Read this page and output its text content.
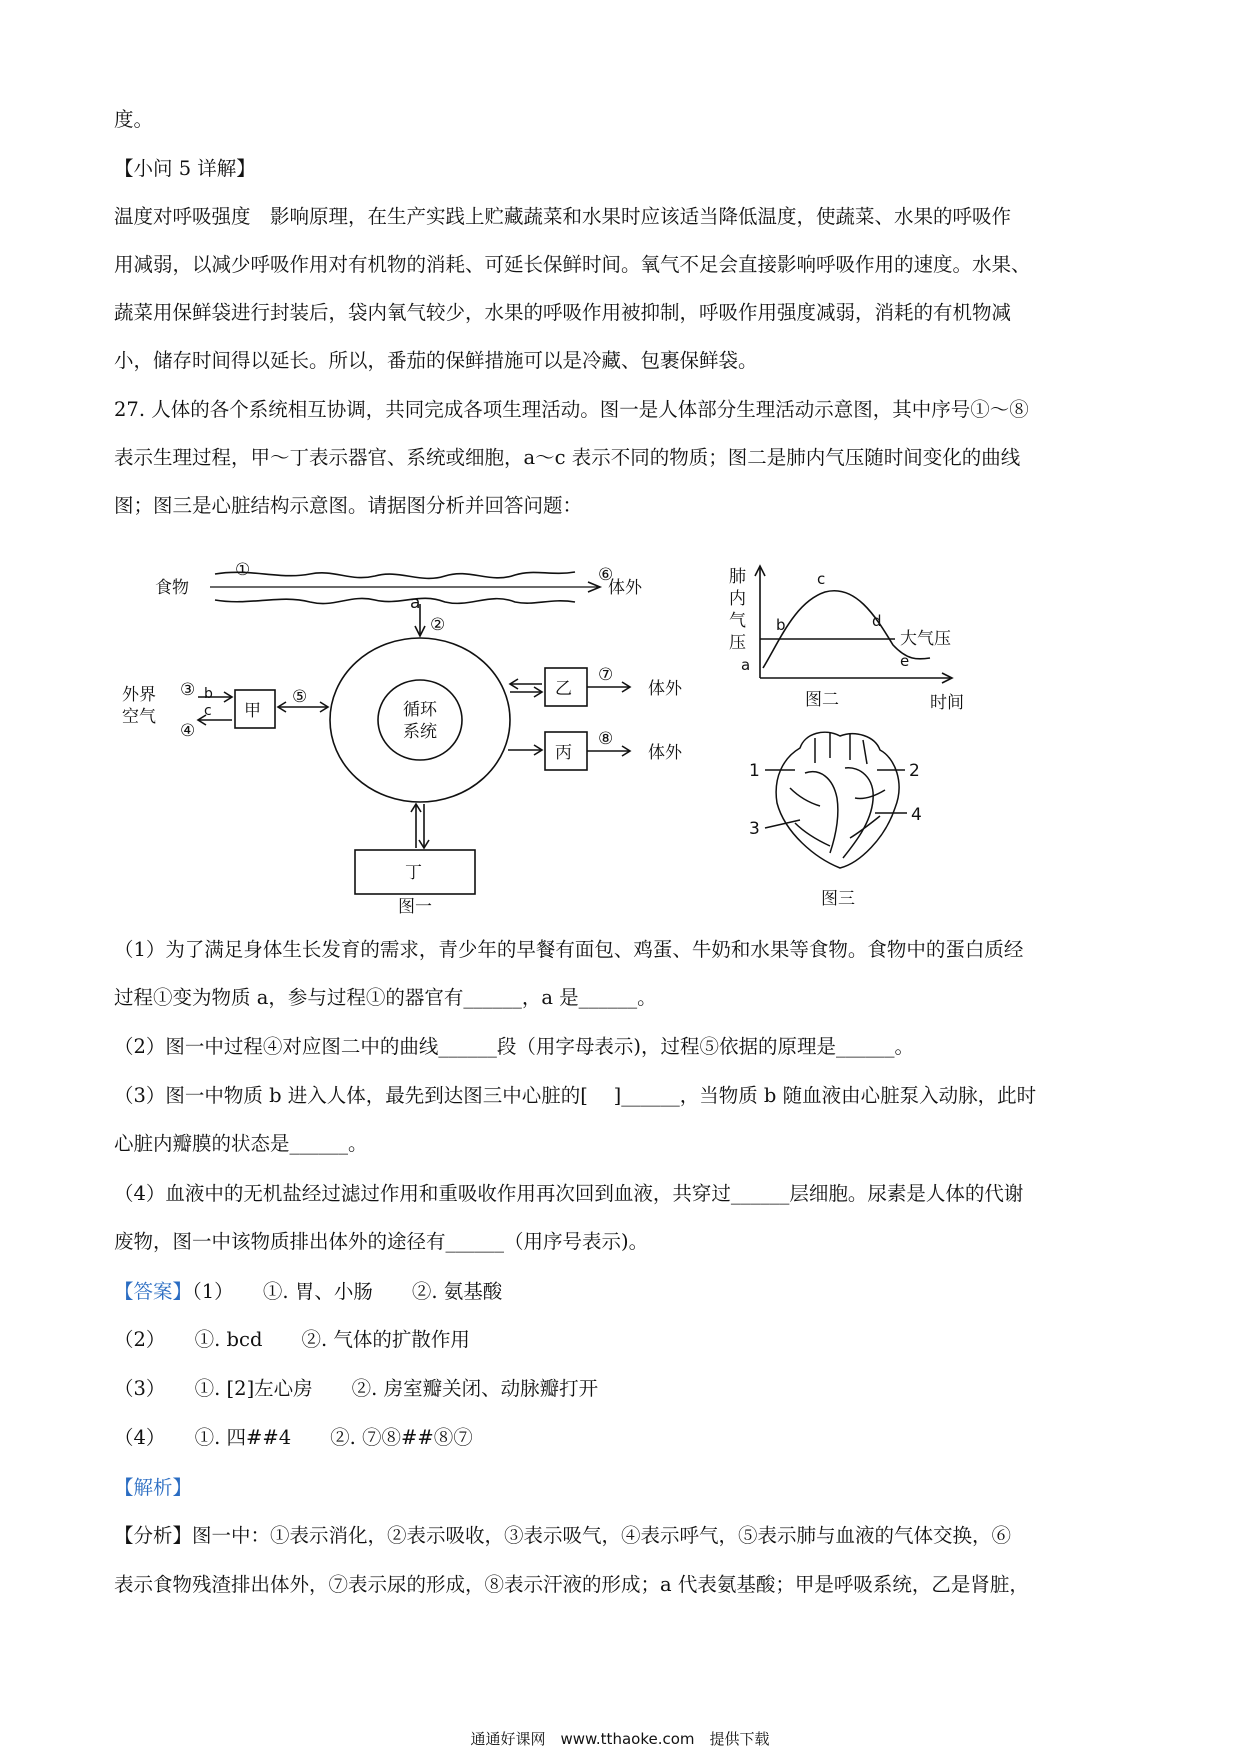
度。
【小问 5 详解】
温度对呼吸强度　影响原理，在生产实践上贮藏蔬菜和水果时应该适当降低温度，使蔬菜、水果的呼吸作
用减弱，以减少呼吸作用对有机物的消耗、可延长保鲜时间。氧气不足会直接影响呼吸作用的速度。水果、
蔬菜用保鲜袋进行封装后，袋内氧气较少，水果的呼吸作用被抑制，呼吸作用强度减弱，消耗的有机物减
小，储存时间得以延长。所以，番茄的保鲜措施可以是冷藏、包裹保鲜袋。
27. 人体的各个系统相互协调，共同完成各项生理活动。图一是人体部分生理活动示意图，其中序号①～⑧
表示生理过程，甲～丁表示器官、系统或细胞，a～c 表示不同的物质；图二是肺内气压随时间变化的曲线
图；图三是心脏结构示意图。请据图分析并回答问题：
食物	体外
体外
体外
外界
空气	甲
乙
丙
丁
循环
系统
①
②
③
④
⑤
⑥
⑦
⑧
a
b
c
图一
肺
内
气
压	大气压
a
b
c
d
e
时间
图二
1	2
3
4
图三
（1）为了满足身体生长发育的需求，青少年的早餐有面包、鸡蛋、牛奶和水果等食物。食物中的蛋白质经
过程①变为物质 a，参与过程①的器官有______，a 是______。
（2）图一中过程④对应图二中的曲线______段（用字母表示)，过程⑤依据的原理是______。
（3）图一中物质 b 进入人体，最先到达图三中心脏的[　 ]______，当物质 b 随血液由心脏泵入动脉，此时
心脏内瓣膜的状态是______。
（4）血液中的无机盐经过滤过作用和重吸收作用再次回到血液，共穿过______层细胞。尿素是人体的代谢
废物，图一中该物质排出体外的途径有______（用序号表示)。
【答案】（1）　　①. 胃、小肠　　②. 氨基酸
（2）　　①. bcd　　②. 气体的扩散作用
（3）　　①. [2]左心房　　②. 房室瓣关闭、动脉瓣打开
（4）　　①. 四##4　　②. ⑦⑧##⑧⑦
【解析】
【分析】图一中：①表示消化，②表示吸收，③表示吸气，④表示呼气，⑤表示肺与血液的气体交换，⑥
表示食物残渣排出体外，⑦表示尿的形成，⑧表示汗液的形成；a 代表氨基酸；甲是呼吸系统，乙是肾脏，
通通好课网　www.tthaoke.com　提供下载
